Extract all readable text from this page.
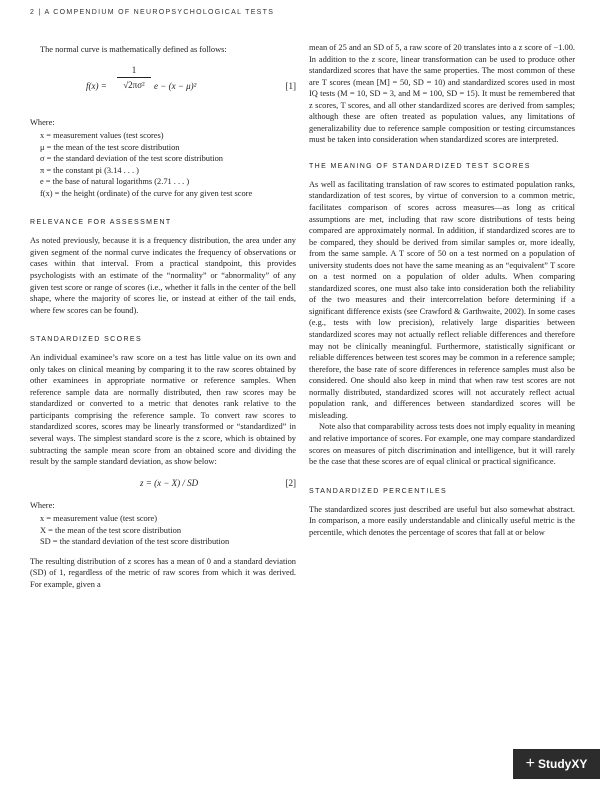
2 | A COMPENDIUM OF NEUROPSYCHOLOGICAL TESTS

The normal curve is mathematically defined as follows:

$f(x) = \frac{1}{\text{√2πσ²}}$ e − (x − μ)²	[1]

Where:

x = measurement values (test scores)
μ = the mean of the test score distribution
σ = the standard deviation of the test score distribution
π = the constant pi (3.14 . . . )
e = the base of natural logarithms (2.71 . . . )
f(x) = the height (ordinate) of the curve for any given test score
RELEVANCE FOR ASSESSMENT

As noted previously, because it is a frequency distribution, the area under any given segment of the normal curve indicates the frequency of observations or cases within that interval. From a practical standpoint, this provides psychologists with an estimate of the “normality” or “abnormality” of any given test score or range of scores (i.e., whether it falls in the center of the bell shape, where the majority of scores lie, or instead at either of the tail ends, where few scores can be found).

STANDARDIZED SCORES

An individual examinee’s raw score on a test has little value on its own and only takes on clinical meaning by comparing it to the raw scores obtained by other examinees in appropriate normative or reference samples. When reference sample data are normally distributed, then raw scores may be standardized or converted to a metric that denotes rank relative to the participants comprising the reference sample. To convert raw scores to standardized scores, scores may be linearly transformed or “standardized” in several ways. The simplest standard score is the z score, which is obtained by subtracting the sample mean score from an obtained score and dividing the result by the sample standard deviation, as show below:

z = (x − X) / SD	[2]

Where:

x = measurement value (test score)
X = the mean of the test score distribution
SD = the standard deviation of the test score distribution

The resulting distribution of z scores has a mean of 0 and a standard deviation (SD) of 1, regardless of the metric of raw scores from which it was derived. For example, given a

mean of 25 and an SD of 5, a raw score of 20 translates into a z score of −1.00. In addition to the z score, linear transformation can be used to produce other standardized scores that have the same properties. The most common of these are T scores (mean [M] = 50, SD = 10) and standardized scores used in most IQ tests (M = 10, SD = 3, and M = 100, SD = 15). It must be remembered that z scores, T scores, and all other standardized scores are derived from samples; although these are often treated as population values, any limitations of generalizability due to reference sample composition or testing circumstances must be taken into consideration when standardized scores are interpreted.

THE MEANING OF STANDARDIZED TEST SCORES

As well as facilitating translation of raw scores to estimated population ranks, standardization of test scores, by virtue of conversion to a common metric, facilitates comparison of scores across measures—as long as critical assumptions are met, including that raw score distributions of tests being compared are approximately normal. In addition, if standardized scores are to be compared, they should be derived from similar samples or, more ideally, from the same sample. A T score of 50 on a test normed on a population of university students does not have the same meaning as an “equivalent” T score on a test normed on a population of older adults. When comparing standardized scores, one must also take into consideration both the reliability of the two measures and their intercorrelation before determining if a significant difference exists (see Crawford & Garthwaite, 2002). In some cases (e.g., tests with low precision), relatively large disparities between standardized scores may not actually reflect reliable differences and therefore may not be clinically meaningful. Furthermore, statistically significant or reliable differences between test scores may be common in a reference sample; therefore, the base rate of score differences in reference samples must also be considered. One should also keep in mind that when raw test scores are not normally distributed, standardized scores will not accurately reflect actual population rank, and differences between standardized scores will be misleading.

Note also that comparability across tests does not imply equality in meaning and relative importance of scores. For example, one may compare standardized scores on measures of pitch discrimination and intelligence, but it will rarely be the case that these scores are of equal clinical or practical significance.

STANDARDIZED PERCENTILES

The standardized scores just described are useful but also somewhat abstract. In comparison, a more easily understandable and clinically useful metric is the percentile, which denotes the percentage of scores that fall at or below

+ StudyXY
